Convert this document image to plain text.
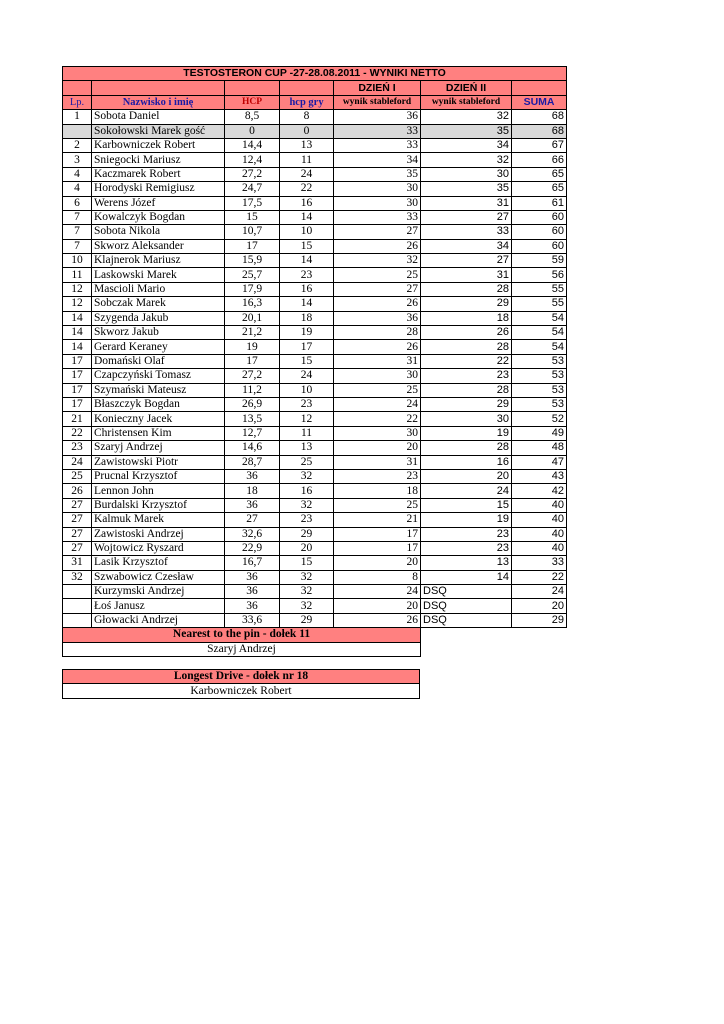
TESTOSTERON CUP -27-28.08.2011 - WYNIKI NETTO						
				DZIEŃ I	DZIEŃ II	
Lp.	Nazwisko i imię	HCP	hcp gry	wynik stableford	wynik stableford	SUMA
1	Sobota Daniel	8,5	8	36	32	68
	Sokołowski Marek gość	0	0	33	35	68
2	Karbowniczek Robert	14,4	13	33	34	67
3	Sniegocki Mariusz	12,4	11	34	32	66
4	Kaczmarek Robert	27,2	24	35	30	65
4	Horodyski Remigiusz	24,7	22	30	35	65
6	Werens Józef	17,5	16	30	31	61
7	Kowalczyk Bogdan	15	14	33	27	60
7	Sobota Nikola	10,7	10	27	33	60
7	Skworz Aleksander	17	15	26	34	60
10	Klajnerok Mariusz	15,9	14	32	27	59
11	Laskowski Marek	25,7	23	25	31	56
12	Mascioli Mario	17,9	16	27	28	55
12	Sobczak Marek	16,3	14	26	29	55
14	Szygenda Jakub	20,1	18	36	18	54
14	Skworz Jakub	21,2	19	28	26	54
14	Gerard Keraney	19	17	26	28	54
17	Domański Olaf	17	15	31	22	53
17	Czapczyński Tomasz	27,2	24	30	23	53
17	Szymański Mateusz	11,2	10	25	28	53
17	Błaszczyk Bogdan	26,9	23	24	29	53
21	Konieczny Jacek	13,5	12	22	30	52
22	Christensen Kim	12,7	11	30	19	49
23	Szaryj Andrzej	14,6	13	20	28	48
24	Zawistowski Piotr	28,7	25	31	16	47
25	Prucnal Krzysztof	36	32	23	20	43
26	Lennon John	18	16	18	24	42
27	Burdalski Krzysztof	36	32	25	15	40
27	Kalmuk Marek	27	23	21	19	40
27	Zawistoski Andrzej	32,6	29	17	23	40
27	Wojtowicz Ryszard	22,9	20	17	23	40
31	Lasik Krzysztof	16,7	15	20	13	33
32	Szwabowicz Czesław	36	32	8	14	22
	Kurzymski Andrzej	36	32	24	DSQ	24
	Łoś Janusz	36	32	20	DSQ	20
	Głowacki Andrzej	33,6	29	26	DSQ	29
Nearest to the pin - dołek 11						
Szaryj Andrzej						
Longest Drive - dołek nr 18
Karbowniczek Robert
